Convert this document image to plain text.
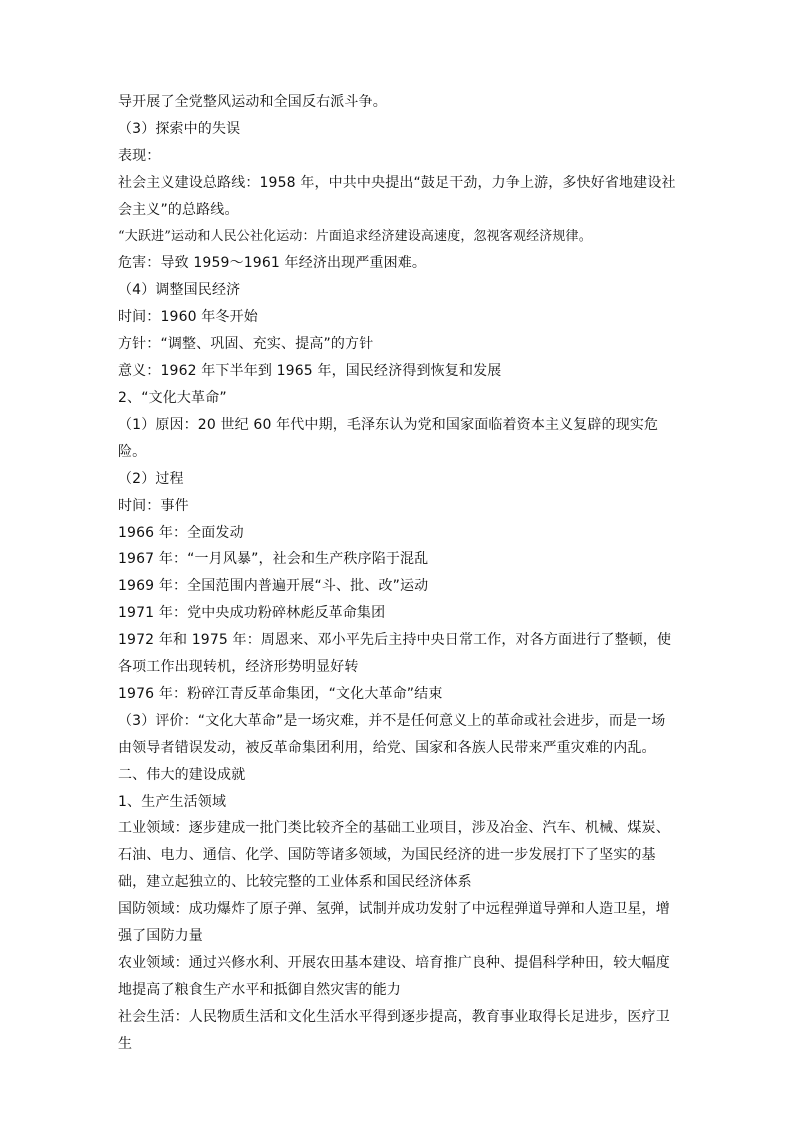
导开展了全党整风运动和全国反右派斗争。

（3）探索中的失误

表现：

社会主义建设总路线：1958 年，中共中央提出“鼓足干劲，力争上游，多快好省地建设社会主义”的总路线。

“大跃进”运动和人民公社化运动：片面追求经济建设高速度，忽视客观经济规律。

危害：导致 1959～1961 年经济出现严重困难。

（4）调整国民经济

时间：1960 年冬开始

方针：“调整、巩固、充实、提高”的方针

意义：1962 年下半年到 1965 年，国民经济得到恢复和发展

2、“文化大革命”

（1）原因：20 世纪 60 年代中期，毛泽东认为党和国家面临着资本主义复辟的现实危险。

（2）过程

时间：事件

1966 年：全面发动

1967 年：“一月风暴”，社会和生产秩序陷于混乱

1969 年：全国范围内普遍开展“斗、批、改”运动

1971 年：党中央成功粉碎林彪反革命集团

1972 年和 1975 年：周恩来、邓小平先后主持中央日常工作，对各方面进行了整顿，使各项工作出现转机，经济形势明显好转

1976 年：粉碎江青反革命集团，“文化大革命”结束

（3）评价：“文化大革命”是一场灾难，并不是任何意义上的革命或社会进步，而是一场由领导者错误发动，被反革命集团利用，给党、国家和各族人民带来严重灾难的内乱。

二、伟大的建设成就

1、生产生活领域

工业领域：逐步建成一批门类比较齐全的基础工业项目，涉及冶金、汽车、机械、煤炭、石油、电力、通信、化学、国防等诸多领域，为国民经济的进一步发展打下了坚实的基础，建立起独立的、比较完整的工业体系和国民经济体系

国防领域：成功爆炸了原子弹、氢弹，试制并成功发射了中远程弹道导弹和人造卫星，增强了国防力量

农业领域：通过兴修水利、开展农田基本建设、培育推广良种、提倡科学种田，较大幅度地提高了粮食生产水平和抵御自然灾害的能力

社会生活：人民物质生活和文化生活水平得到逐步提高，教育事业取得长足进步，医疗卫生
